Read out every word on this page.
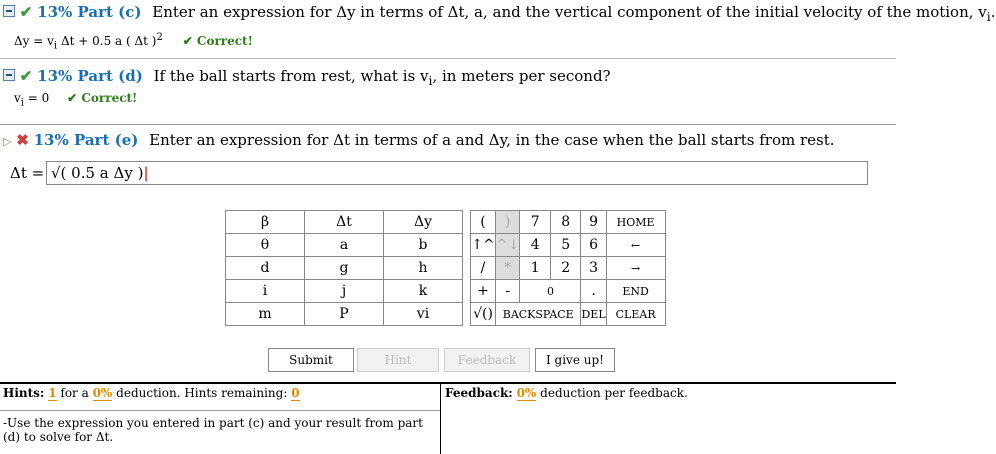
✔ 13% Part (c) Enter an expression for Δy in terms of Δt, a, and the vertical component of the initial velocity of the motion, $v_i$.
$\Delta y = v_i$ Δt + 0.5 a ( Δt )$^2$ ✔ Correct!
✔ 13% Part (d) If the ball starts from rest, what is $v_i$, in meters per second?
$v_i = 0$ ✔ Correct!
▷ ✖ 13% Part (e) Enter an expression for Δt in terms of a and Δy, in the case when the ball starts from rest.
Δt = √( 0.5 a Δy )|
β	Δt	Δy
θ	a	b
d	g	h
i	j	k
m	P	vi
(	)	7	8	9	HOME
↑^	^↓	4	5	6	←
/	*	1	2	3	→
+	-	0		.	END
√()	BACKSPACE			DEL	CLEAR
Submit	Hint	Feedback	I give up!
Hints: 1 for a 0% deduction. Hints remaining: 0
-Use the expression you entered in part (c) and your result from part (d) to solve for Δt.
Feedback: 0% deduction per feedback.
